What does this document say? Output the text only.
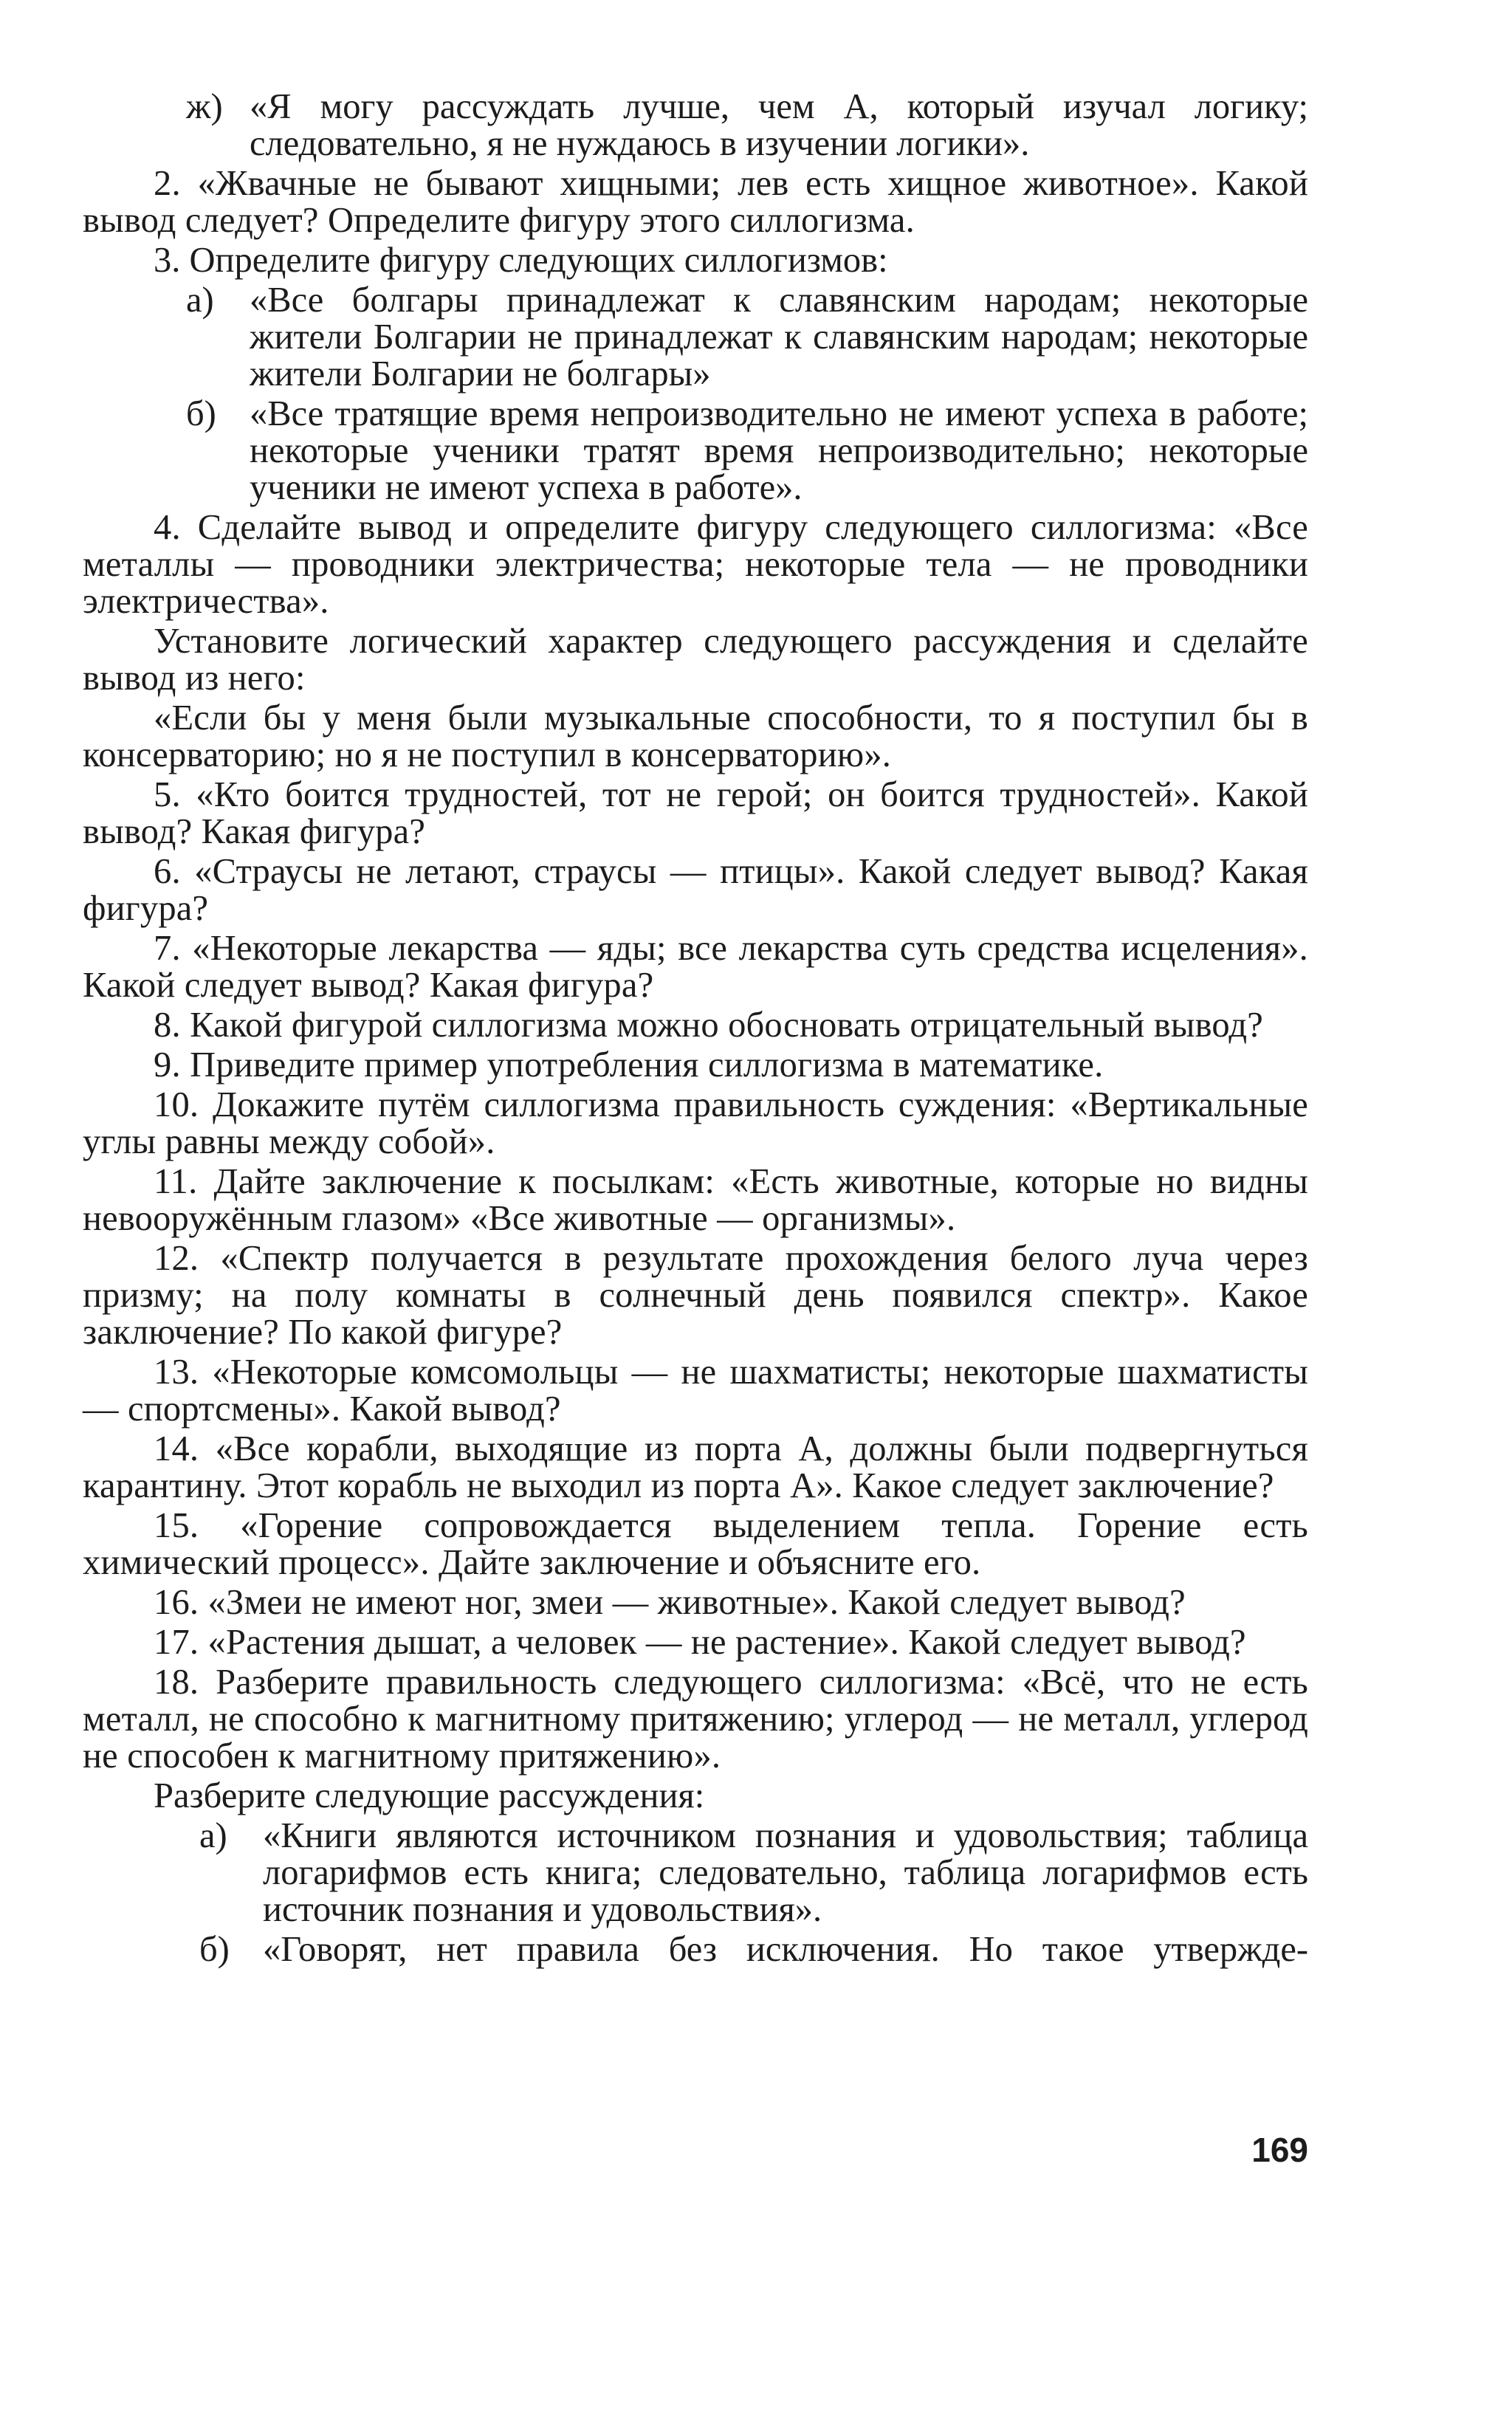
ж) «Я могу рассуждать лучше, чем А, который изучал логику; следовательно, я не нуждаюсь в изучении логики».
2. «Жвачные не бывают хищными; лев есть хищное животное». Какой вывод следует? Определите фигуру этого силлогизма.
3. Определите фигуру следующих силлогизмов:
а) «Все болгары принадлежат к славянским народам; некоторые жители Болгарии не принадлежат к славянским народам; некоторые жители Болгарии не болгары»
б) «Все тратящие время непроизводительно не имеют успеха в работе; некоторые ученики тратят время непроизводительно; некоторые ученики не имеют успеха в работе».
4. Сделайте вывод и определите фигуру следующего силлогизма: «Все металлы — проводники электричества; некоторые тела — не проводники электричества».
Установите логический характер следующего рассуждения и сделайте вывод из него:
«Если бы у меня были музыкальные способности, то я поступил бы в консерваторию; но я не поступил в консерваторию».
5. «Кто боится трудностей, тот не герой; он боится трудностей». Какой вывод? Какая фигура?
6. «Страусы не летают, страусы — птицы». Какой следует вывод? Какая фигура?
7. «Некоторые лекарства — яды; все лекарства суть средства исцеления». Какой следует вывод? Какая фигура?
8. Какой фигурой силлогизма можно обосновать отрицательный вывод?
9. Приведите пример употребления силлогизма в математике.
10. Докажите путём силлогизма правильность суждения: «Вертикальные углы равны между собой».
11. Дайте заключение к посылкам: «Есть животные, которые но видны невооружённым глазом» «Все животные — организмы».
12. «Спектр получается в результате прохождения белого луча через призму; на полу комнаты в солнечный день появился спектр». Какое заключение? По какой фигуре?
13. «Некоторые комсомольцы — не шахматисты; некоторые шахматисты — спортсмены». Какой вывод?
14. «Все корабли, выходящие из порта А, должны были подвергнуться карантину. Этот корабль не выходил из порта А». Какое следует заключение?
15. «Горение сопровождается выделением тепла. Горение есть химический процесс». Дайте заключение и объясните его.
16. «Змеи не имеют ног, змеи — животные». Какой следует вывод?
17. «Растения дышат, а человек — не растение». Какой следует вывод?
18. Разберите правильность следующего силлогизма: «Всё, что не есть металл, не способно к магнитному притяжению; углерод — не металл, углерод не способен к магнитному притяжению».
Разберите следующие рассуждения:
а) «Книги являются источником познания и удовольствия; таблица логарифмов есть книга; следовательно, таблица логарифмов есть источник познания и удовольствия».
б) «Говорят, нет правила без исключения. Но такое утвержде-
169
